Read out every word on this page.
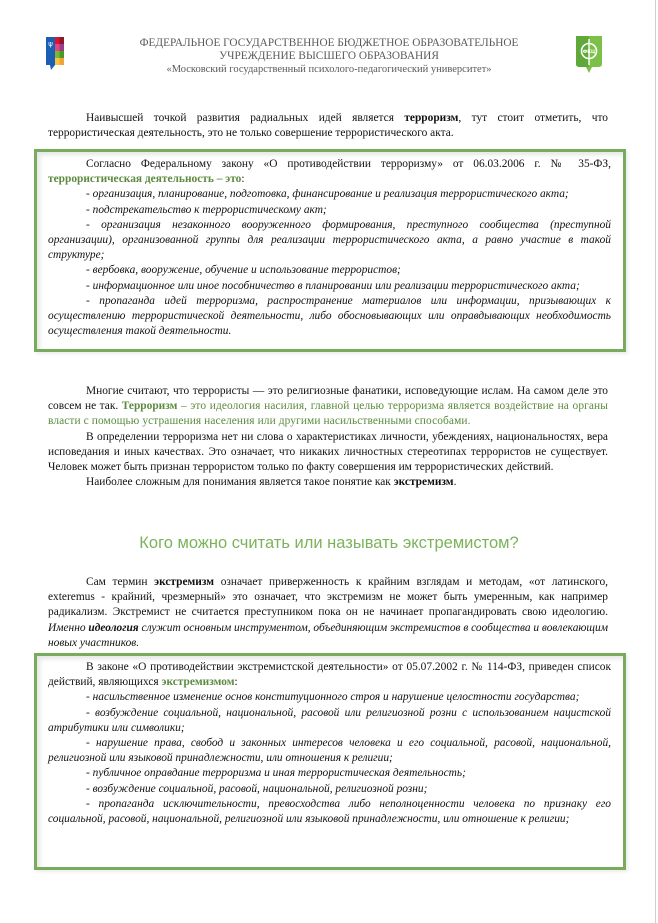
ψ	ФЕДЕРАЛЬНОЕ ГОСУДАРСТВЕННОЕ БЮДЖЕТНОЕ ОБРАЗОВАТЕЛЬНОЕ
УЧРЕЖДЕНИЕ ВЫСШЕГО ОБРАЗОВАНИЯ
«Московский государственный психолого-педагогический университет»
ФКЦ
Наивысшей точкой развития радиальных идей является терроризм, тут стоит отметить, что террористическая деятельность, это не только совершение террористического акта.
Согласно Федеральному закону «О противодействии терроризму» от 06.03.2006 г. № 35-ФЗ, террористическая деятельность – это:
- организация, планирование, подготовка, финансирование и реализация террористического акта;
- подстрекательство к террористическому акт;
- организация незаконного вооруженного формирования, преступного сообщества (преступной организации), организованной группы для реализации террористического акта, а равно участие в такой структуре;
- вербовка, вооружение, обучение и использование террористов;
- информационное или иное пособничество в планировании или реализации террористического акта;
- пропаганда идей терроризма, распространение материалов или информации, призывающих к осуществлению террористической деятельности, либо обосновывающих или оправдывающих необходимость осуществления такой деятельности.
Многие считают, что террористы — это религиозные фанатики, исповедующие ислам. На самом деле это совсем не так. Терроризм – это идеология насилия, главной целью терроризма является воздействие на органы власти с помощью устрашения населения или другими насильственными способами.
В определении терроризма нет ни слова о характеристиках личности, убеждениях, национальностях, вера исповедания и иных качествах. Это означает, что никаких личностных стереотипах террористов не существует. Человек может быть признан террористом только по факту совершения им террористических действий.
Наиболее сложным для понимания является такое понятие как экстремизм.
Кого можно считать или называть экстремистом?
Сам термин экстремизм означает приверженность к крайним взглядам и методам, «от латинского, exteremus - крайний, чрезмерный» это означает, что экстремизм не может быть умеренным, как например радикализм. Экстремист не считается преступником пока он не начинает пропагандировать свою идеологию. Именно идеология служит основным инструментом, объединяющим экстремистов в сообщества и вовлекающим новых участников.
В законе «О противодействии экстремистской деятельности» от 05.07.2002 г. № 114-ФЗ, приведен список действий, являющихся экстремизмом:
- насильственное изменение основ конституционного строя и нарушение целостности государства;
- возбуждение социальной, национальной, расовой или религиозной розни с использованием нацистской атрибутики или символики;
- нарушение права, свобод и законных интересов человека и его социальной, расовой, национальной, религиозной или языковой принадлежности, или отношения к религии;
- публичное оправдание терроризма и иная террористическая деятельность;
- возбуждение социальной, расовой, национальной, религиозной розни;
- пропаганда исключительности, превосходства либо неполноценности человека по признаку его социальной, расовой, национальной, религиозной или языковой принадлежности, или отношение к религии;
